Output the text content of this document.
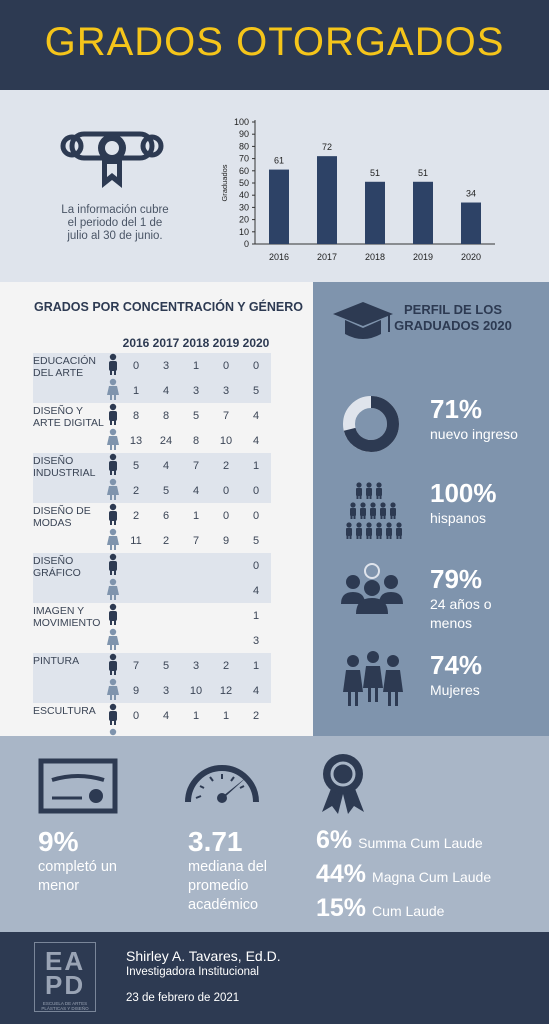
GRADOS OTORGADOS
La información cubre el periodo del 1 de julio al 30 de junio.
0
10
20
30
40
50
60
70
80
90
100
Graduados
61
2016
72
2017
51
2018
51
2019
34
2020
GRADOS POR CONCENTRACIÓN Y GÉNERO
		2016	2017	2018	2019	2020
EDUCACIÓN DEL ARTE		0	3	1	0	0
	1	4	3	3	5
DISEÑO Y ARTE DIGITAL		8	8	5	7	4
	13	24	8	10	4
DISEÑO INDUSTRIAL		5	4	7	2	1
	2	5	4	0	0
DISEÑO DE MODAS		2	6	1	0	0
	11	2	7	9	5
DISEÑO GRÁFICO						0
					4
IMAGEN Y MOVIMIENTO						1
					3
PINTURA		7	5	3	2	1
	9	3	10	12	4
ESCULTURA		0	4	1	1	2

PERFIL DE LOS GRADUADOS 2020
71%
nuevo ingreso
100%
hispanos
79%
24 años o menos
74%
Mujeres
9%
completó un menor
3.71
mediana del promedio académico
6% Summa Cum Laude
44% Magna Cum Laude
15% Cum Laude
EAPD
ESCUELA DE ARTES PLÁSTICAS Y DISEÑO
Shirley A. Tavares, Ed.D.
Investigadora Institucional
23 de febrero de 2021
